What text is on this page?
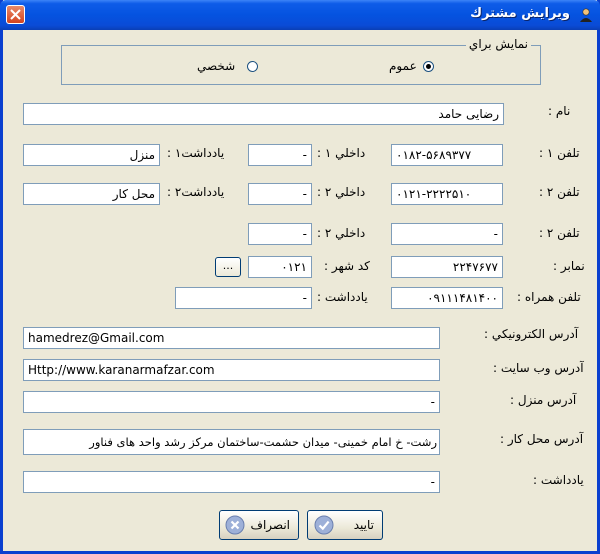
ويرايش مشترك
نمايش براي
عموم
شخصي
نام :
رضايی حامد
تلفن ۱ :
۰۱۸۲-۵۶۸۹۳۷۷
داخلي ۱ :
-
يادداشت۱ :
منزل
تلفن ۲ :
۰۱۲۱-۲۲۲۲۵۱۰
داخلي ۲ :
-
يادداشت۲ :
محل كار
تلفن ۲ :
-
داخلي ۲ :
-
نمابر :
۲۲۴۷۶۷۷
كد شهر :
۰۱۲۱
...
تلفن همراه :
۰۹۱۱۱۴۸۱۴۰۰
يادداشت :
-
آدرس الكترونيكي :
hamedrez@Gmail.com
آدرس وب سايت :
Http://www.karanarmafzar.com
آدرس منزل :
-
آدرس محل كار :
رشت- خ امام خمینی- میدان حشمت-ساختمان مركز رشد واحد های فناور
يادداشت :
-
تاييد
انصراف
